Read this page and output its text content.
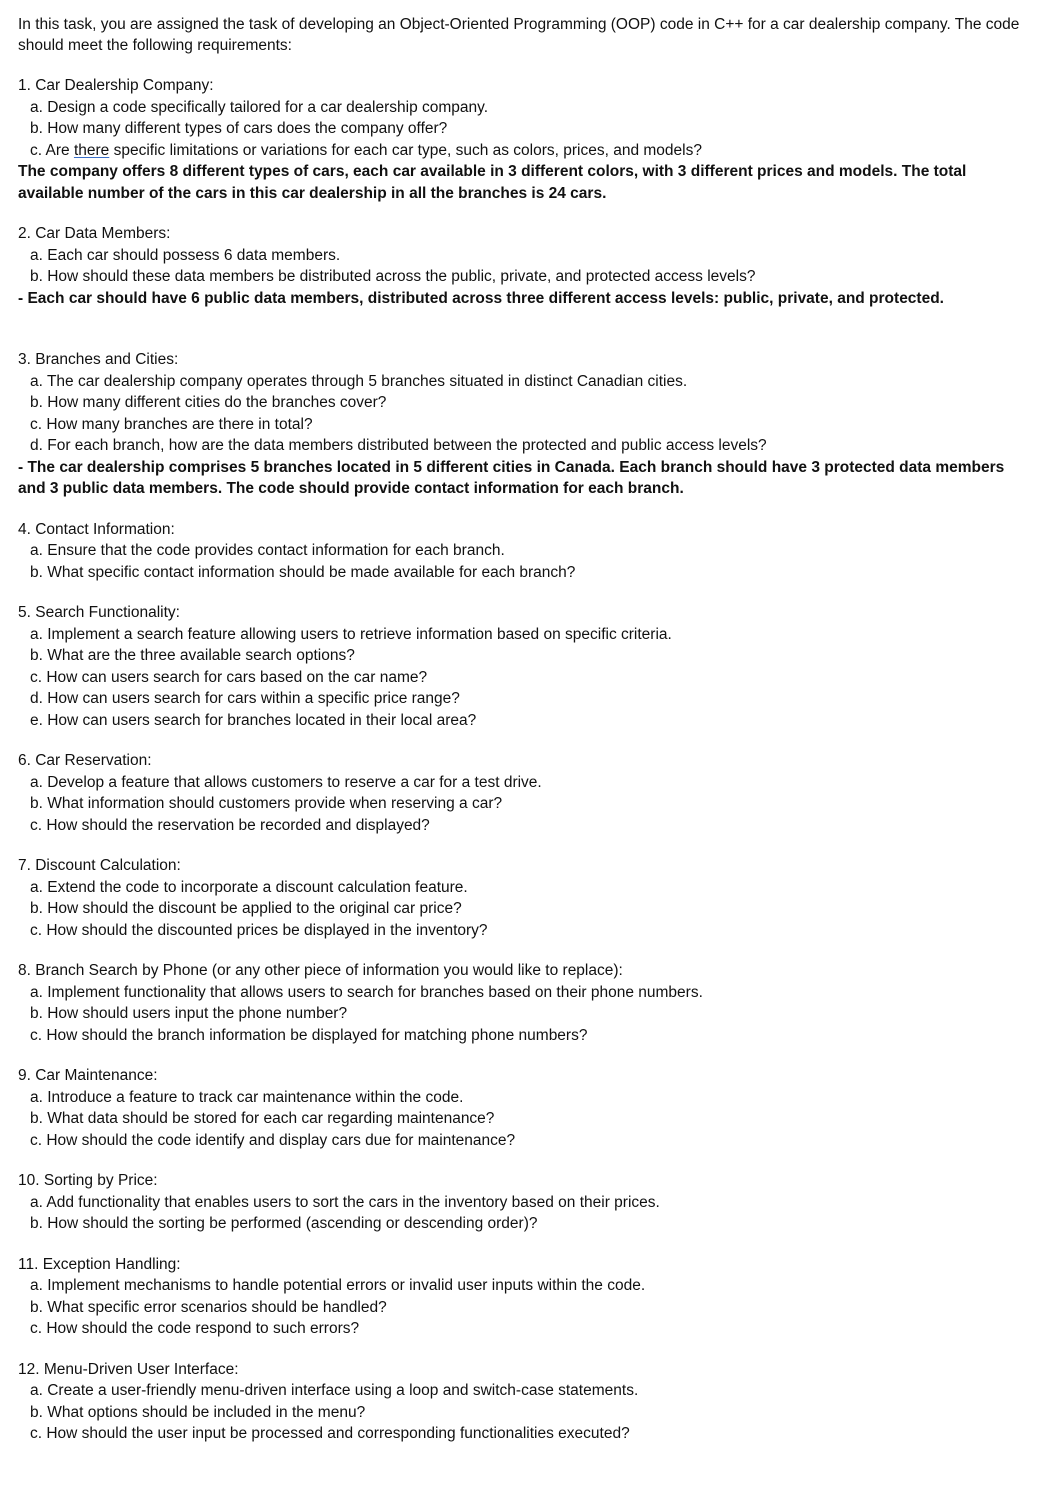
In this task, you are assigned the task of developing an Object-Oriented Programming (OOP) code in C++ for a car dealership company. The code should meet the following requirements:
1. Car Dealership Company:
a. Design a code specifically tailored for a car dealership company.
b. How many different types of cars does the company offer?
c. Are there specific limitations or variations for each car type, such as colors, prices, and models?
The company offers 8 different types of cars, each car available in 3 different colors, with 3 different prices and models. The total available number of the cars in this car dealership in all the branches is 24 cars.
2. Car Data Members:
a. Each car should possess 6 data members.
b. How should these data members be distributed across the public, private, and protected access levels?
- Each car should have 6 public data members, distributed across three different access levels: public, private, and protected.
3. Branches and Cities:
a. The car dealership company operates through 5 branches situated in distinct Canadian cities.
b. How many different cities do the branches cover?
c. How many branches are there in total?
d. For each branch, how are the data members distributed between the protected and public access levels?
- The car dealership comprises 5 branches located in 5 different cities in Canada. Each branch should have 3 protected data members and 3 public data members. The code should provide contact information for each branch.
4. Contact Information:
a. Ensure that the code provides contact information for each branch.
b. What specific contact information should be made available for each branch?
5. Search Functionality:
a. Implement a search feature allowing users to retrieve information based on specific criteria.
b. What are the three available search options?
c. How can users search for cars based on the car name?
d. How can users search for cars within a specific price range?
e. How can users search for branches located in their local area?
6. Car Reservation:
a. Develop a feature that allows customers to reserve a car for a test drive.
b. What information should customers provide when reserving a car?
c. How should the reservation be recorded and displayed?
7. Discount Calculation:
a. Extend the code to incorporate a discount calculation feature.
b. How should the discount be applied to the original car price?
c. How should the discounted prices be displayed in the inventory?
8. Branch Search by Phone (or any other piece of information you would like to replace):
a. Implement functionality that allows users to search for branches based on their phone numbers.
b. How should users input the phone number?
c. How should the branch information be displayed for matching phone numbers?
9. Car Maintenance:
a. Introduce a feature to track car maintenance within the code.
b. What data should be stored for each car regarding maintenance?
c. How should the code identify and display cars due for maintenance?
10. Sorting by Price:
a. Add functionality that enables users to sort the cars in the inventory based on their prices.
b. How should the sorting be performed (ascending or descending order)?
11. Exception Handling:
a. Implement mechanisms to handle potential errors or invalid user inputs within the code.
b. What specific error scenarios should be handled?
c. How should the code respond to such errors?
12. Menu-Driven User Interface:
a. Create a user-friendly menu-driven interface using a loop and switch-case statements.
b. What options should be included in the menu?
c. How should the user input be processed and corresponding functionalities executed?
